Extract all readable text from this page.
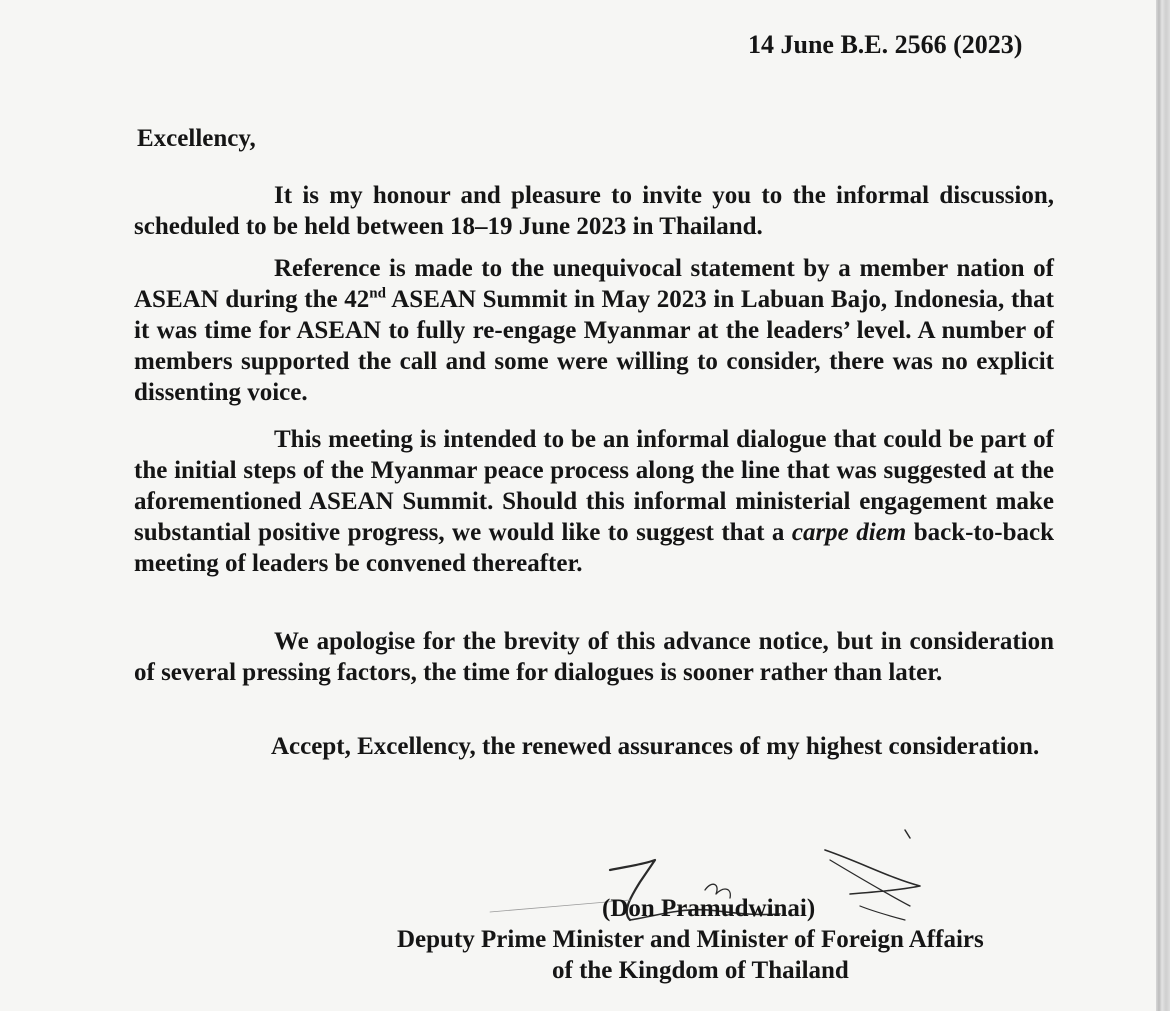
14 June B.E. 2566 (2023)
Excellency,

It is my honour and pleasure to invite you to the informal discussion, scheduled to be held between 18–19 June 2023 in Thailand.

Reference is made to the unequivocal statement by a member nation of ASEAN during the 42nd ASEAN Summit in May 2023 in Labuan Bajo, Indonesia, that it was time for ASEAN to fully re-engage Myanmar at the leaders’ level. A number of members supported the call and some were willing to consider, there was no explicit dissenting voice.

This meeting is intended to be an informal dialogue that could be part of the initial steps of the Myanmar peace process along the line that was suggested at the aforementioned ASEAN Summit. Should this informal ministerial engagement make substantial positive progress, we would like to suggest that a carpe diem back-to-back meeting of leaders be convened thereafter.

We apologise for the brevity of this advance notice, but in consideration of several pressing factors, the time for dialogues is sooner rather than later.

Accept, Excellency, the renewed assurances of my highest consideration.
(Don Pramudwinai)
Deputy Prime Minister and Minister of Foreign Affairs
of the Kingdom of Thailand
